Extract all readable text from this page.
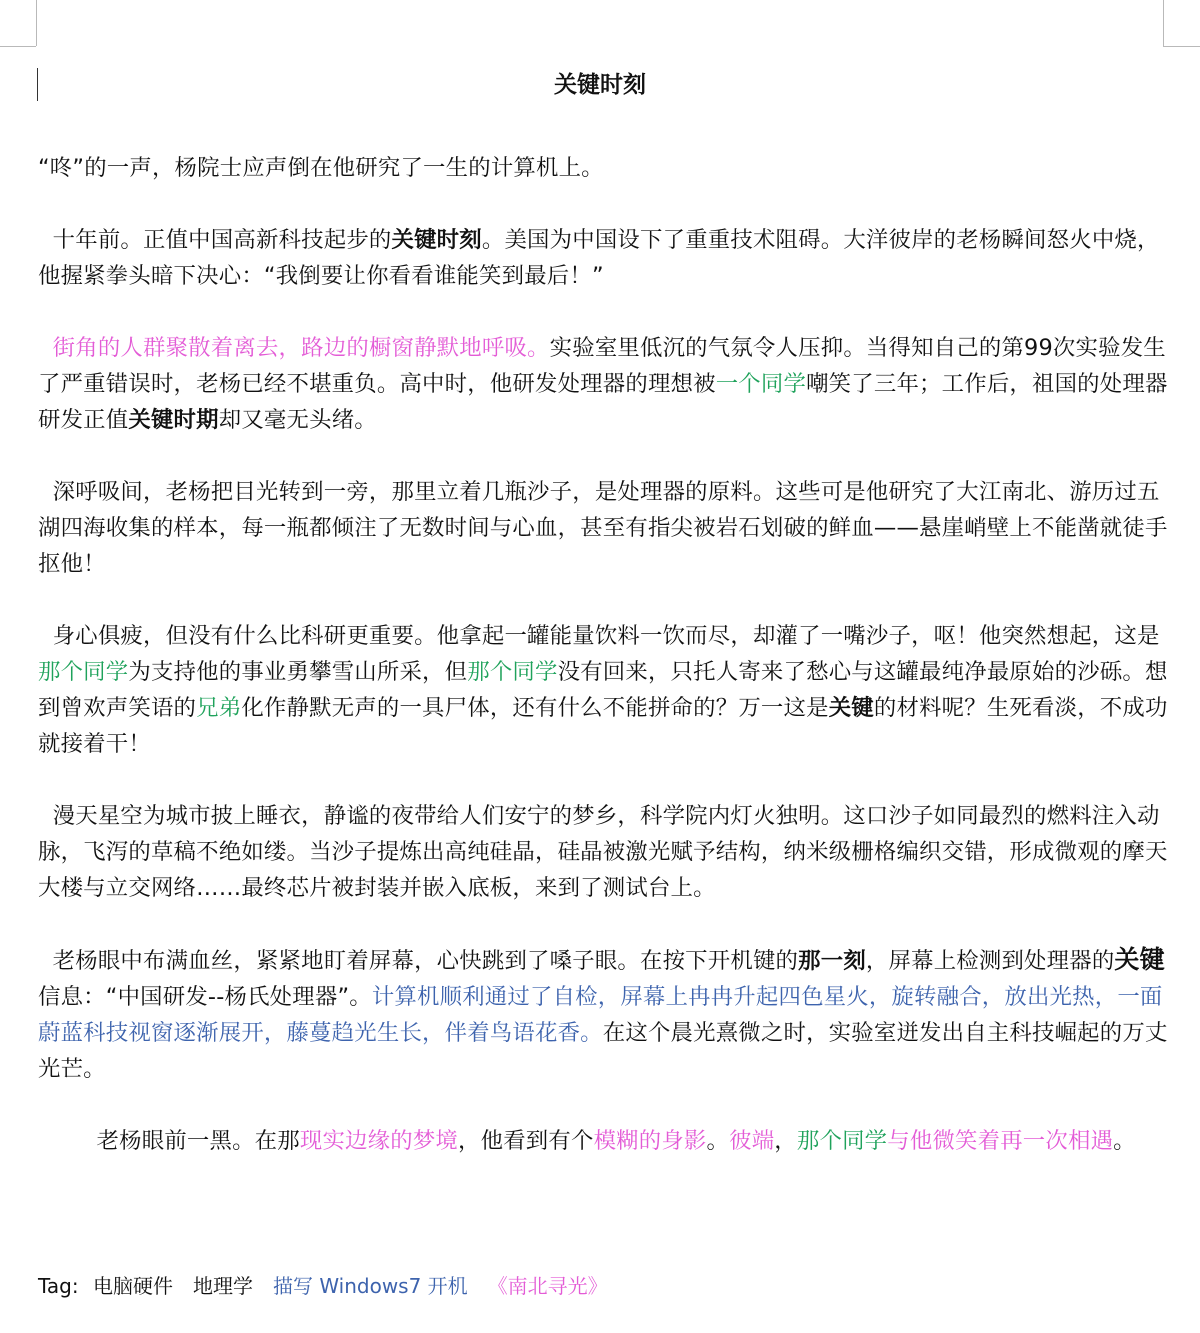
关键时刻
“咚”的一声，杨院士应声倒在他研究了一生的计算机上。
十年前。正值中国高新科技起步的关键时刻。美国为中国设下了重重技术阻碍。大洋彼岸的老杨瞬间怒火中烧，他握紧拳头暗下决心：“我倒要让你看看谁能笑到最后！”
街角的人群聚散着离去，路边的橱窗静默地呼吸。实验室里低沉的气氛令人压抑。当得知自己的第99次实验发生了严重错误时，老杨已经不堪重负。高中时，他研发处理器的理想被一个同学嘲笑了三年；工作后，祖国的处理器研发正值关键时期却又毫无头绪。
深呼吸间，老杨把目光转到一旁，那里立着几瓶沙子，是处理器的原料。这些可是他研究了大江南北、游历过五湖四海收集的样本，每一瓶都倾注了无数时间与心血，甚至有指尖被岩石划破的鲜血——悬崖峭壁上不能凿就徒手抠他！
身心俱疲，但没有什么比科研更重要。他拿起一罐能量饮料一饮而尽，却灌了一嘴沙子，呕！他突然想起，这是那个同学为支持他的事业勇攀雪山所采，但那个同学没有回来，只托人寄来了愁心与这罐最纯净最原始的沙砾。想到曾欢声笑语的兄弟化作静默无声的一具尸体，还有什么不能拼命的？万一这是关键的材料呢？生死看淡，不成功就接着干！
漫天星空为城市披上睡衣，静谧的夜带给人们安宁的梦乡，科学院内灯火独明。这口沙子如同最烈的燃料注入动脉，飞泻的草稿不绝如缕。当沙子提炼出高纯硅晶，硅晶被激光赋予结构，纳米级栅格编织交错，形成微观的摩天大楼与立交网络……最终芯片被封装并嵌入底板，来到了测试台上。
老杨眼中布满血丝，紧紧地盯着屏幕，心快跳到了嗓子眼。在按下开机键的那一刻，屏幕上检测到处理器的关键信息：“中国研发--杨氏处理器”。计算机顺利通过了自检，屏幕上冉冉升起四色星火，旋转融合，放出光热，一面蔚蓝科技视窗逐渐展开，藤蔓趋光生长，伴着鸟语花香。在这个晨光熹微之时，实验室迸发出自主科技崛起的万丈光芒。
老杨眼前一黑。在那现实边缘的梦境，他看到有个模糊的身影。彼端，那个同学与他微笑着再一次相遇。
Tag: 电脑硬件 地理学 描写 Windows7 开机 《南北寻光》
